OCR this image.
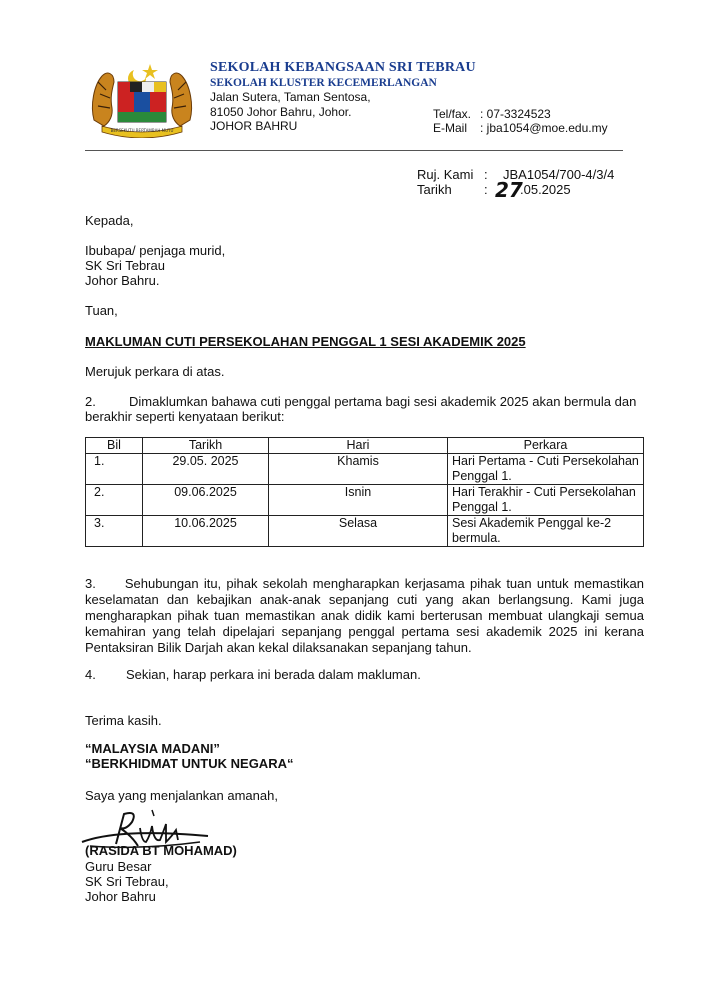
BERSEKUTU BERTAMBAH MUTU
SEKOLAH KEBANGSAAN SRI TEBRAU
SEKOLAH KLUSTER KECEMERLANGAN
Jalan Sutera, Taman Sentosa,
81050 Johor Bahru, Johor.
JOHOR BAHRU
Tel/fax. : 07-3324523
E-Mail : jba1054@moe.edu.my
Ruj. Kami : JBA1054/700-4/3/4
Tarikh : 27
.05.2025
Kepada,
Ibubapa/ penjaga murid,
SK Sri Tebrau
Johor Bahru.
Tuan,
MAKLUMAN CUTI PERSEKOLAHAN PENGGAL 1 SESI AKADEMIK 2025
Merujuk perkara di atas.
2.	Dimaklumkan bahawa cuti penggal pertama bagi sesi akademik 2025 akan bermula dan
berakhir seperti kenyataan berikut:
Bil	Tarikh	Hari	Perkara
1.	29.05. 2025	Khamis	Hari Pertama - Cuti Persekolahan Penggal 1.
2.	09.06.2025	Isnin	Hari Terakhir - Cuti Persekolahan Penggal 1.
3.	10.06.2025	Selasa	Sesi Akademik Penggal ke-2 bermula.
3. Sehubungan itu, pihak sekolah mengharapkan kerjasama pihak tuan untuk memastikan keselamatan dan kebajikan anak-anak sepanjang cuti yang akan berlangsung. Kami juga mengharapkan pihak tuan memastikan anak didik kami berterusan membuat ulangkaji semua kemahiran yang telah dipelajari sepanjang penggal pertama sesi akademik 2025 ini kerana Pentaksiran Bilik Darjah akan kekal dilaksanakan sepanjang tahun.
4. Sekian, harap perkara ini berada dalam makluman.
Terima kasih.
“MALAYSIA MADANI”
“BERKHIDMAT UNTUK NEGARA“
Saya yang menjalankan amanah,
(RASIDA BT MOHAMAD)
Guru Besar
SK Sri Tebrau,
Johor Bahru
